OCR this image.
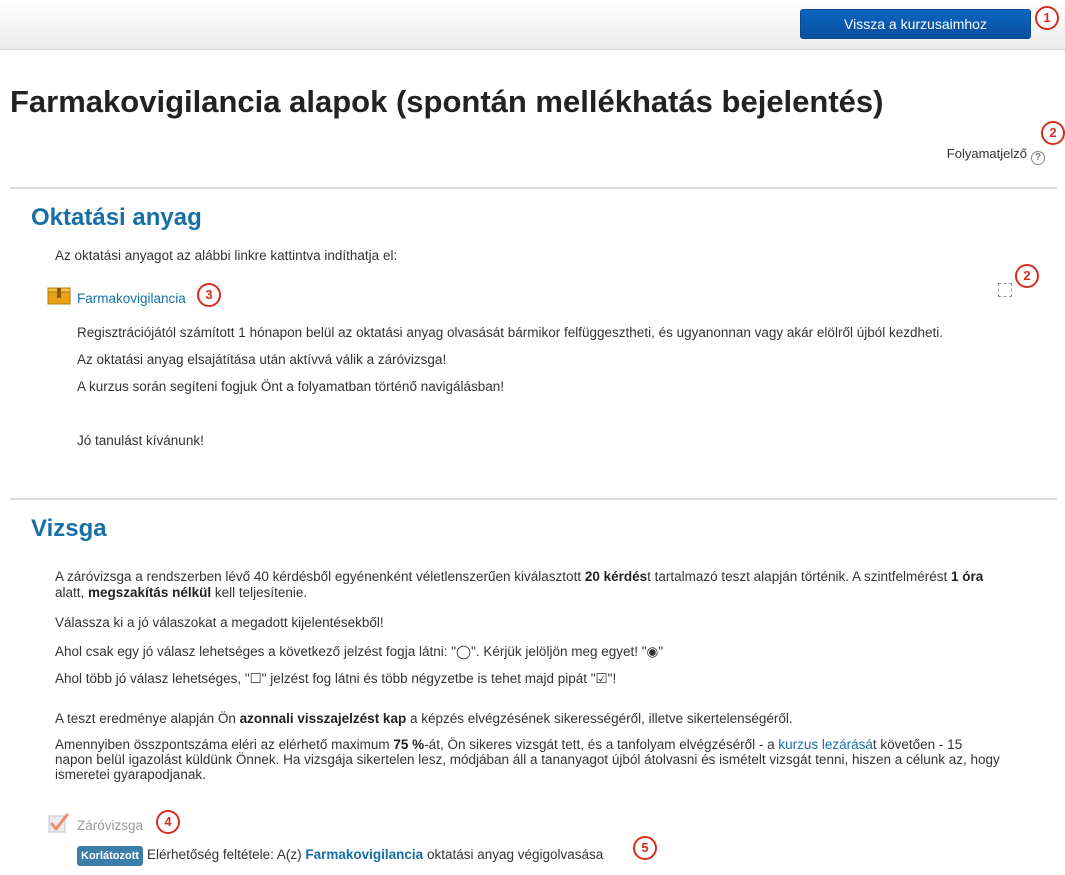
Vissza a kurzusaimhoz	1
Farmakovigilancia alapok (spontán mellékhatás bejelentés)
2
Folyamatjelző ?
Oktatási anyag
Az oktatási anyagot az alábbi linkre kattintva indíthatja el:
Farmakovigilancia	3
2
Regisztrációjától számított 1 hónapon belül az oktatási anyag olvasását bármikor felfüggesztheti, és ugyanonnan vagy akár elölről újból kezdheti.
Az oktatási anyag elsajátítása után aktívvá válik a záróvizsga!
A kurzus során segíteni fogjuk Önt a folyamatban történő navigálásban!
Jó tanulást kívánunk!
Vizsga
A záróvizsga a rendszerben lévő 40 kérdésből egyénenként véletlenszerűen kiválasztott 20 kérdést tartalmazó teszt alapján történik. A szintfelmérést 1 óra
alatt, megszakítás nélkül kell teljesítenie.
Válassza ki a jó válaszokat a megadott kijelentésekből!
Ahol csak egy jó válasz lehetséges a következő jelzést fogja látni: "◯". Kérjük jelöljön meg egyet! "◉"
Ahol több jó válasz lehetséges, "☐" jelzést fog látni és több négyzetbe is tehet majd pipát "☑"!
A teszt eredménye alapján Ön azonnali visszajelzést kap a képzés elvégzésének sikerességéről, illetve sikertelenségéről.
Amennyiben összpontszáma eléri az elérhető maximum 75 %-át, Ön sikeres vizsgát tett, és a tanfolyam elvégzéséről - a kurzus lezárását követően - 15
napon belül igazolást küldünk Önnek. Ha vizsgája sikertelen lesz, módjában áll a tananyagot újból átolvasni és ismételt vizsgát tenni, hiszen a célunk az, hogy
ismeretei gyarapodjanak.
Záróvizsga	4
Korlátozott Elérhetőség feltétele: A(z) Farmakovigilancia oktatási anyag végigolvasása	5
